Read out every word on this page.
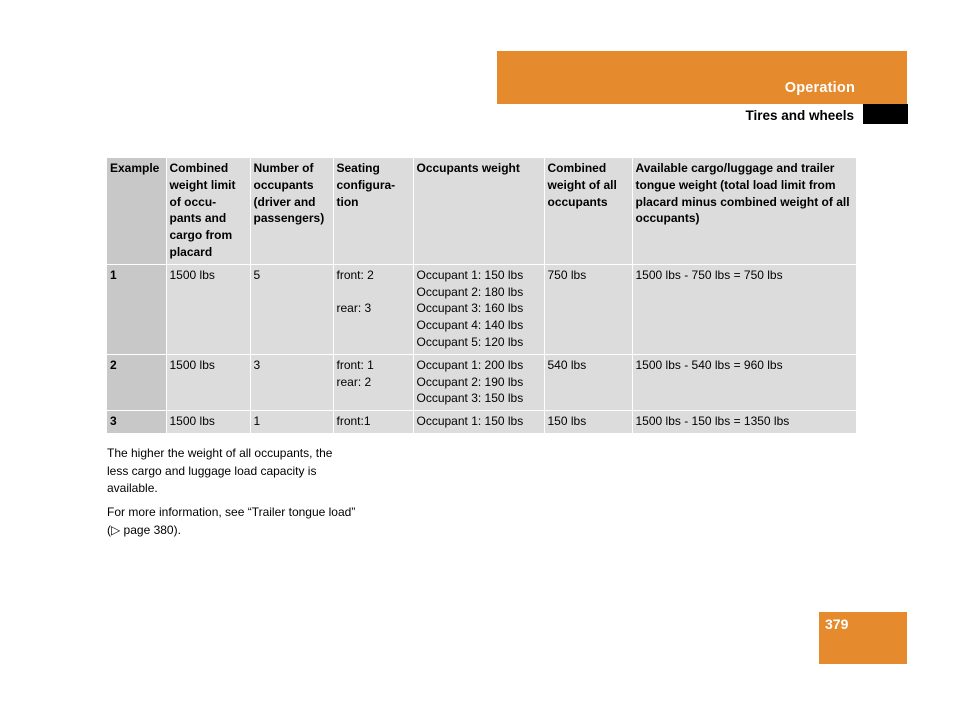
Operation
Tires and wheels
Example	Combined weight limit of occu-pants and cargo from placard	Number of occupants (driver and passengers)	Seating configura-tion	Occupants weight	Combined weight of all occupants	Available cargo/luggage and trailer tongue weight (total load limit from placard minus combined weight of all occupants)
1	1500 lbs	5	front: 2
rear: 3	Occupant 1: 150 lbs
Occupant 2: 180 lbs
Occupant 3: 160 lbs
Occupant 4: 140 lbs
Occupant 5: 120 lbs	750 lbs	1500 lbs - 750 lbs = 750 lbs
2	1500 lbs	3	front: 1
rear: 2	Occupant 1: 200 lbs
Occupant 2: 190 lbs
Occupant 3: 150 lbs	540 lbs	1500 lbs - 540 lbs = 960 lbs
3	1500 lbs	1	front:1	Occupant 1: 150 lbs	150 lbs	1500 lbs - 150 lbs = 1350 lbs

The higher the weight of all occupants, the less cargo and luggage load capacity is available.

For more information, see “Trailer tongue load” (▷ page 380).

379
